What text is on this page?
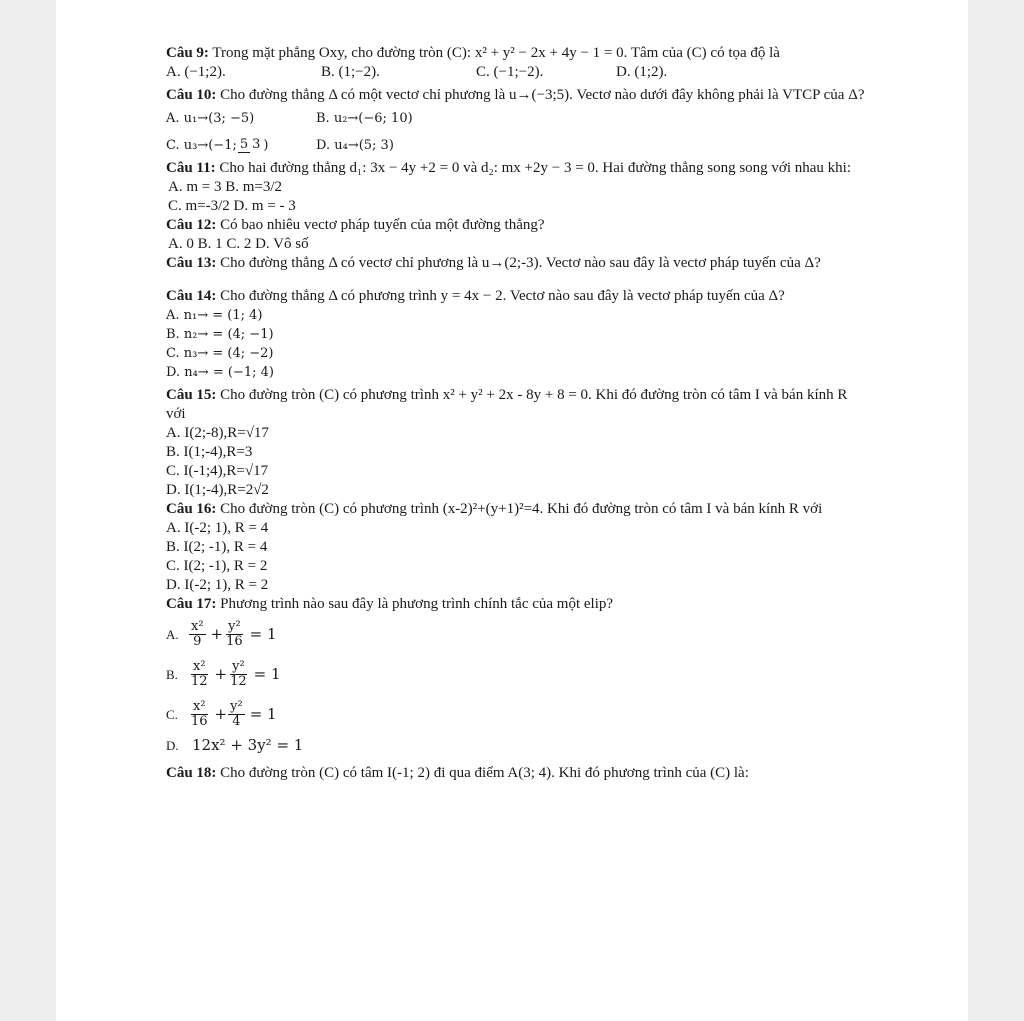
Câu 9: Trong mặt phẳng Oxy, cho đường tròn (C): x² + y² − 2x + 4y − 1 = 0. Tâm của (C) có tọa độ là

A. (−1;2).	B. (1;−2).	C. (−1;−2).	D. (1;2).

Câu 10: Cho đường thẳng Δ có một vectơ chỉ phương là u→(−3;5). Vectơ nào dưới đây không phải là VTCP của Δ?

A. u₁→(3; −5)	B. u₂→(−6; 10)
C. u₃→(−1;5 3 )	D. u₄→(5; 3)

Câu 11: Cho hai đường thẳng d₁: 3x − 4y +2 = 0 và d₂: mx +2y − 3 = 0. Hai đường thẳng song song với nhau khi:

A. m = 3 B. m=3/2
C. m=-3/2 D. m = - 3

Câu 12: Có bao nhiêu vectơ pháp tuyến của một đường thẳng?

A. 0 B. 1 C. 2 D. Vô số

Câu 13: Cho đường thẳng Δ có vectơ chỉ phương là u→(2;-3). Vectơ nào sau đây là vectơ pháp tuyến của Δ?

Câu 14: Cho đường thẳng Δ có phương trình y = 4x − 2. Vectơ nào sau đây là vectơ pháp tuyến của Δ?

A. n₁→ = (1; 4)
B. n₂→ = (4; −1)
C. n₃→ = (4; −2)
D. n₄→ = (−1; 4)

Câu 15: Cho đường tròn (C) có phương trình x² + y² + 2x - 8y + 8 = 0. Khi đó đường tròn có tâm I và bán kính R với

A. I(2;-8),R=√17
B. I(1;-4),R=3
C. I(-1;4),R=√17
D. I(1;-4),R=2√2

Câu 16: Cho đường tròn (C) có phương trình (x-2)²+(y+1)²=4. Khi đó đường tròn có tâm I và bán kính R với

A. I(-2; 1), R = 4
B. I(2; -1), R = 4
C. I(2; -1), R = 2
D. I(-2; 1), R = 2

Câu 17: Phương trình nào sau đây là phương trình chính tắc của một elip?

A. $\frac{\text{x²}}{9} + \frac{\text{y²}}{16} = 1$
B. $\frac{\text{x²}}{12} + \frac{\text{y²}}{12} = 1$
C. $\frac{\text{x²}}{16} + \frac{\text{y²}}{4} = 1$
D. 12x² + 3y² = 1

Câu 18: Cho đường tròn (C) có tâm I(-1; 2) đi qua điểm A(3; 4). Khi đó phương trình của (C) là:
